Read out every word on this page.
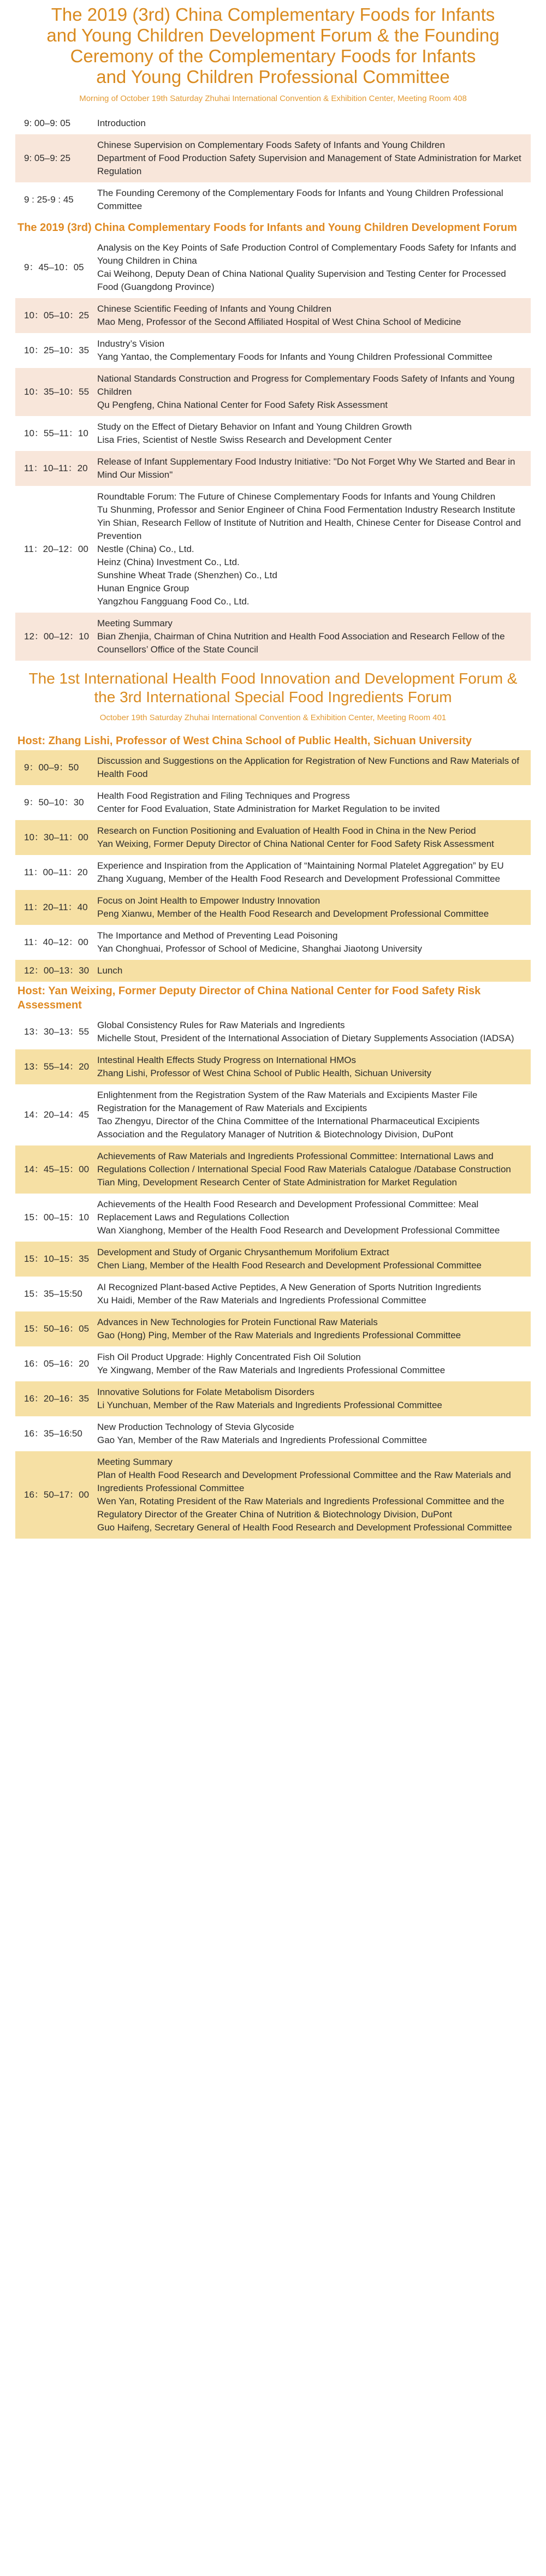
The 2019 (3rd) China Complementary Foods for Infants
and Young Children Development Forum & the Founding
Ceremony of the Complementary Foods for Infants
and Young Children Professional Committee
Morning of October 19th Saturday Zhuhai International Convention & Exhibition Center, Meeting Room 408
9: 00–9: 05	Introduction
9: 05–9: 25
Chinese Supervision on Complementary Foods Safety of Infants and Young Children
Department of Food Production Safety Supervision and Management of State Administration for Market Regulation
9 : 25-9 : 45
The Founding Ceremony of the Complementary Foods for Infants and Young Children Professional Committee
The 2019 (3rd) China Complementary Foods for Infants and Young Children Development Forum
9：45–10：05
Analysis on the Key Points of Safe Production Control of Complementary Foods Safety for Infants and Young Children in China
Cai Weihong, Deputy Dean of China National Quality Supervision and Testing Center for Processed Food (Guangdong Province)
10：05–10：25
Chinese Scientific Feeding of Infants and Young Children
Mao Meng, Professor of the Second Affiliated Hospital of West China School of Medicine
10：25–10：35
Industry’s Vision
Yang Yantao, the Complementary Foods for Infants and Young Children Professional Committee
10：35–10：55
National Standards Construction and Progress for Complementary Foods Safety of Infants and Young Children
Qu Pengfeng, China National Center for Food Safety Risk Assessment
10：55–11：10
Study on the Effect of Dietary Behavior on Infant and Young Children Growth
Lisa Fries, Scientist of Nestle Swiss Research and Development Center
11：10–11：20
Release of Infant Supplementary Food Industry Initiative: "Do Not Forget Why We Started and Bear in Mind Our Mission"
11：20–12：00
Roundtable Forum: The Future of Chinese Complementary Foods for Infants and Young Children
Tu Shunming, Professor and Senior Engineer of China Food Fermentation Industry Research Institute
Yin Shian, Research Fellow of Institute of Nutrition and Health, Chinese Center for Disease Control and Prevention
Nestle (China) Co., Ltd.
Heinz (China) Investment Co., Ltd.
Sunshine Wheat Trade (Shenzhen) Co., Ltd
Hunan Engnice Group
Yangzhou Fangguang Food Co., Ltd.
12：00–12：10
Meeting Summary
Bian Zhenjia, Chairman of China Nutrition and Health Food Association and Research Fellow of the Counsellors’ Office of the State Council
The 1st International Health Food Innovation and Development Forum &
the 3rd International Special Food Ingredients Forum
October 19th Saturday Zhuhai International Convention & Exhibition Center, Meeting Room 401
Host: Zhang Lishi, Professor of West China School of Public Health, Sichuan University
9：00–9：50
Discussion and Suggestions on the Application for Registration of New Functions and Raw Materials of Health Food
9：50–10：30
Health Food Registration and Filing Techniques and Progress
Center for Food Evaluation, State Administration for Market Regulation to be invited
10：30–11：00
Research on Function Positioning and Evaluation of Health Food in China in the New Period
Yan Weixing, Former Deputy Director of China National Center for Food Safety Risk Assessment
11：00–11：20
Experience and Inspiration from the Application of “Maintaining Normal Platelet Aggregation” by EU
Zhang Xuguang, Member of the Health Food Research and Development Professional Committee
11：20–11：40
Focus on Joint Health to Empower Industry Innovation
Peng Xianwu, Member of the Health Food Research and Development Professional Committee
11：40–12：00
The Importance and Method of Preventing Lead Poisoning
Yan Chonghuai, Professor of School of Medicine, Shanghai Jiaotong University
12：00–13：30 Lunch
Host: Yan Weixing, Former Deputy Director of China National Center for Food Safety Risk Assessment
13：30–13：55
Global Consistency Rules for Raw Materials and Ingredients
Michelle Stout, President of the International Association of Dietary Supplements Association (IADSA)
13：55–14：20
Intestinal Health Effects Study Progress on International HMOs
Zhang Lishi, Professor of West China School of Public Health, Sichuan University
14：20–14：45
Enlightenment from the Registration System of the Raw Materials and Excipients Master File Registration for the Management of Raw Materials and Excipients
Tao Zhengyu, Director of the China Committee of the International Pharmaceutical Excipients Association and the Regulatory Manager of Nutrition & Biotechnology Division, DuPont
14：45–15：00
Achievements of Raw Materials and Ingredients Professional Committee: International Laws and Regulations Collection / International Special Food Raw Materials Catalogue /Database Construction
Tian Ming, Development Research Center of State Administration for Market Regulation
15：00–15：10
Achievements of the Health Food Research and Development Professional Committee: Meal Replacement Laws and Regulations Collection
Wan Xianghong, Member of the Health Food Research and Development Professional Committee
15：10–15：35
Development and Study of Organic Chrysanthemum Morifolium Extract
Chen Liang, Member of the Health Food Research and Development Professional Committee
15：35–15:50
AI Recognized Plant-based Active Peptides, A New Generation of Sports Nutrition Ingredients
Xu Haidi, Member of the Raw Materials and Ingredients Professional Committee
15：50–16：05
Advances in New Technologies for Protein Functional Raw Materials
Gao (Hong) Ping, Member of the Raw Materials and Ingredients Professional Committee
16：05–16：20
Fish Oil Product Upgrade: Highly Concentrated Fish Oil Solution
Ye Xingwang, Member of the Raw Materials and Ingredients Professional Committee
16：20–16：35
Innovative Solutions for Folate Metabolism Disorders
Li Yunchuan, Member of the Raw Materials and Ingredients Professional Committee
16：35–16:50
New Production Technology of Stevia Glycoside
Gao Yan, Member of the Raw Materials and Ingredients Professional Committee
16：50–17：00
Meeting Summary
Plan of Health Food Research and Development Professional Committee and the Raw Materials and Ingredients Professional Committee
Wen Yan, Rotating President of the Raw Materials and Ingredients Professional Committee and the Regulatory Director of the Greater China of Nutrition & Biotechnology Division, DuPont
Guo Haifeng, Secretary General of Health Food Research and Development Professional Committee
